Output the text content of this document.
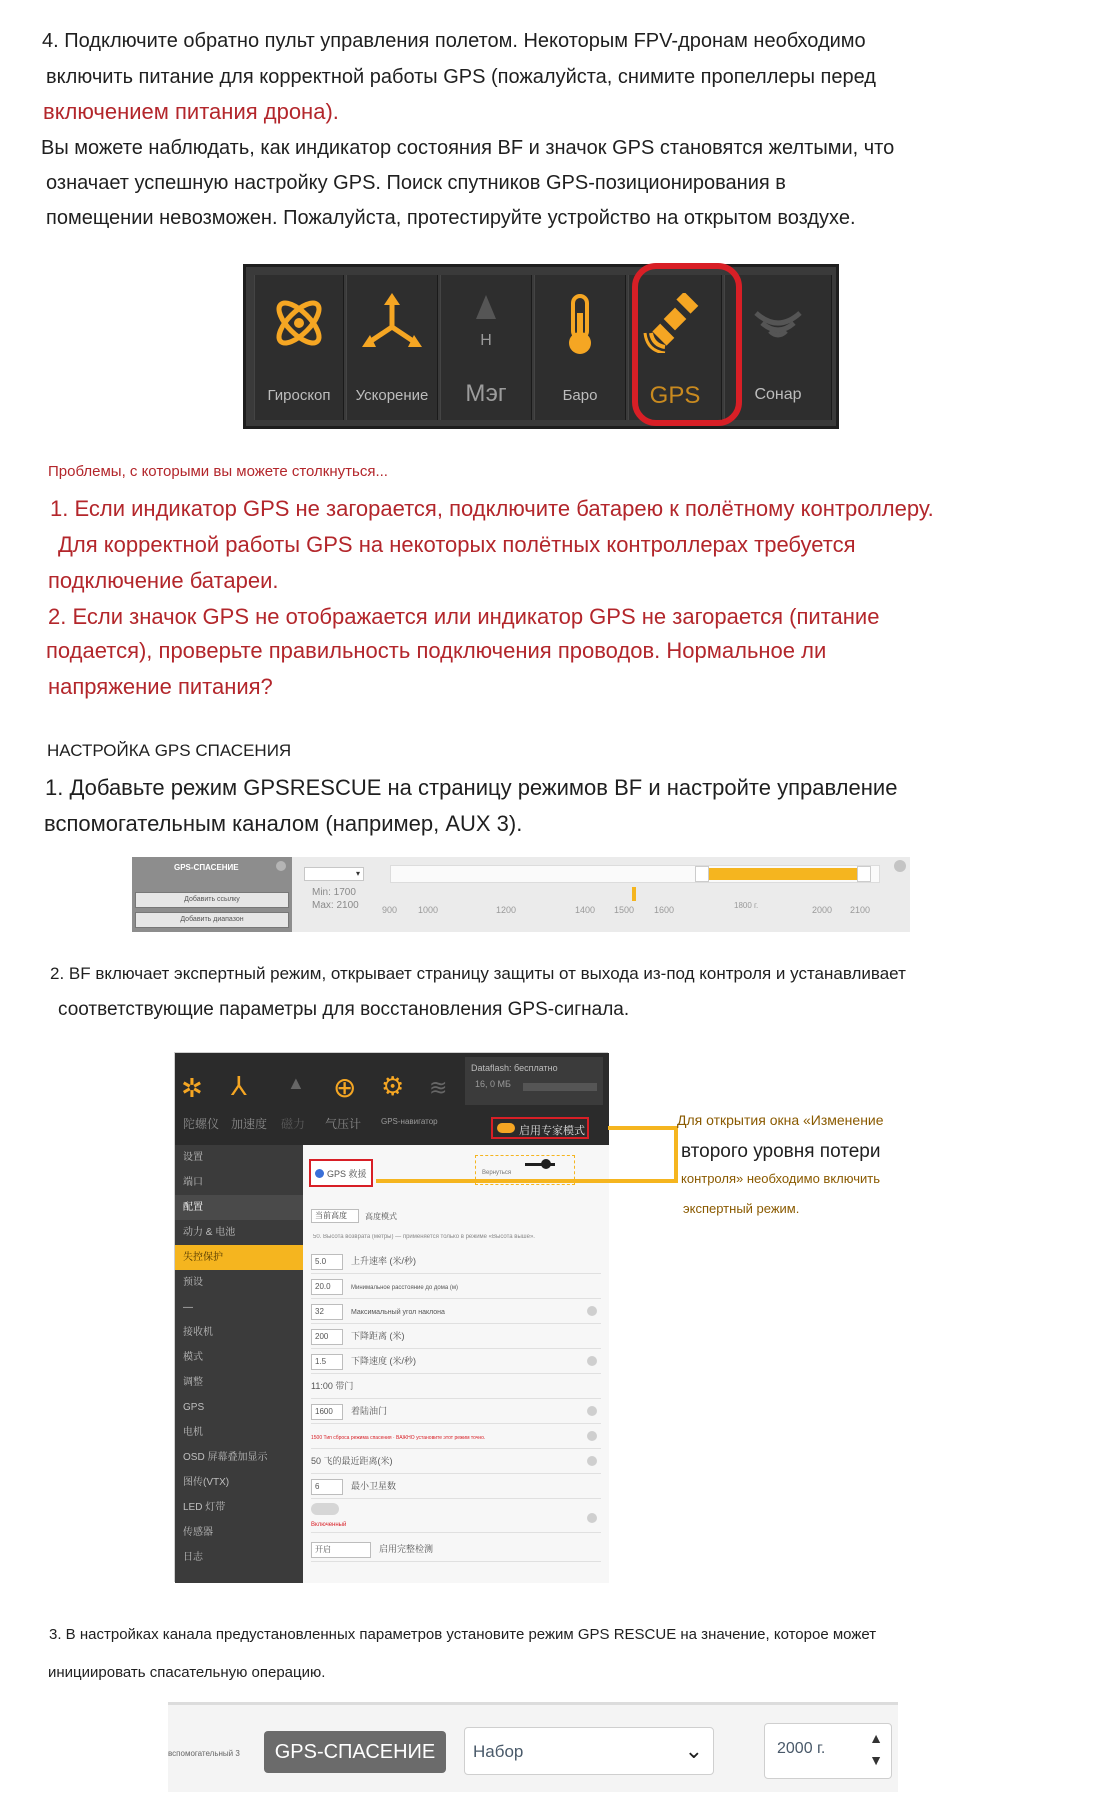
4. Подключите обратно пульт управления полетом. Некоторым FPV-дронам необходимо
включить питание для корректной работы GPS (пожалуйста, снимите пропеллеры перед
включением питания дрона).
Вы можете наблюдать, как индикатор состояния BF и значок GPS становятся желтыми, что
означает успешную настройку GPS. Поиск спутников GPS-позиционирования в
помещении невозможен. Пожалуйста, протестируйте устройство на открытом воздухе.
Гироскоп	Ускорение
H
Мэг	Баро	GPS	Сонар
Проблемы, с которыми вы можете столкнуться...
1. Если индикатор GPS не загорается, подключите батарею к полётному контроллеру.
Для корректной работы GPS на некоторых полётных контроллерах требуется
подключение батареи.
2. Если значок GPS не отображается или индикатор GPS не загорается (питание
подается), проверьте правильность подключения проводов. Нормальное ли
напряжение питания?
НАСТРОЙКА GPS СПАСЕНИЯ
1. Добавьте режим GPSRESCUE на страницу режимов BF и настройте управление
вспомогательным каналом (например, AUX 3).
GPS-СПАСЕНИЕ
Добавить ссылку
Добавить диапазон
▾
Min: 1700
Max: 2100	900 1000	1200	1400 1500 1600	1800 г.	2000 2100
2. BF включает экспертный режим, открывает страницу защиты от выхода из-под контроля и устанавливает
соответствующие параметры для восстановления GPS-сигнала.
✲ ⅄ ▲ ⊕ ⚙ ≋
陀螺仪 加速度 磁力 气压计 GPS-навигатор
Dataflash: бесплатно
16, 0 МБ
启用专家模式
设置
端口
配置
动力 & 电池
失控保护
预设
—
接收机
模式
调整
GPS
电机
OSD 屏幕叠加显示
图传(VTX)
LED 灯带
传感器
日志
GPS 救援	Вернуться
当前高度	高度模式
50. Высота возврата (метры) — применяется только в режиме «Высота выше».
5.0	上升速率 (米/秒)
20.0	Минимальное расстояние до дома (м)
32	Максимальный угол наклона
200	下降距离 (米)
1.5	下降速度 (米/秒)
11:00 带门
1600 着陆油门
1500 Тип сброса режима спасения · ВАЖНО установите этот режим точно.
50 飞的最近距离(米)
6	最小卫星数
Включенный
开启	启用完整检测
Для открытия окна «Изменение
второго уровня потери
контроля» необходимо включить
экспертный режим.
3. В настройках канала предустановленных параметров установите режим GPS RESCUE на значение, которое может
инициировать спасательную операцию.
вспомогательный 3	GPS-СПАСЕНИЕ	Набор	⌄	2000 г.
▲
▼
